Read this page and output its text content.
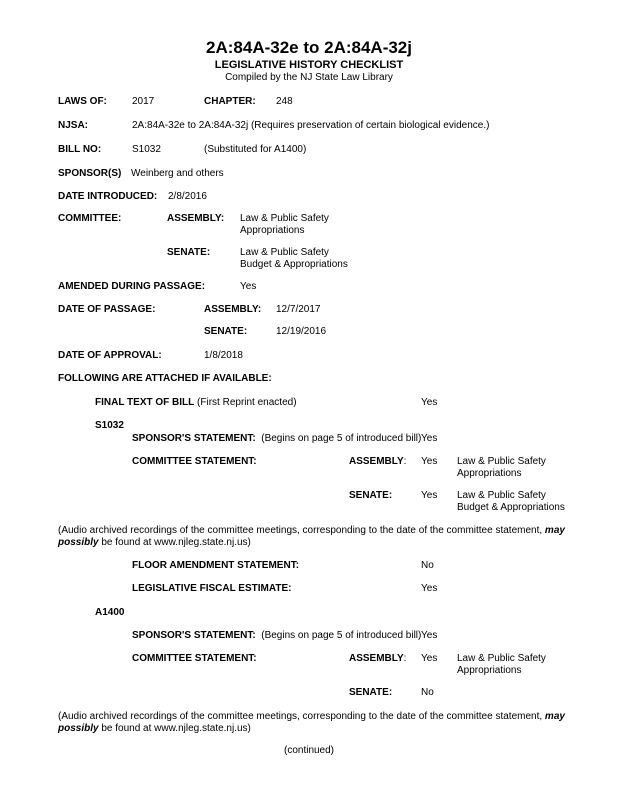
2A:84A-32e to 2A:84A-32j
LEGISLATIVE HISTORY CHECKLIST
Compiled by the NJ State Law Library
LAWS OF:	2017	CHAPTER: 248
NJSA:	2A:84A-32e to 2A:84A-32j (Requires preservation of certain biological evidence.)
BILL NO:	S1032	(Substituted for A1400)
SPONSOR(S) Weinberg and others
DATE INTRODUCED: 2/8/2016
COMMITTEE:	ASSEMBLY: Law & Public Safety
Appropriations
SENATE:	Law & Public Safety
Budget & Appropriations
AMENDED DURING PASSAGE:	Yes
DATE OF PASSAGE:	ASSEMBLY: 12/7/2017
SENATE:	12/19/2016
DATE OF APPROVAL:	1/8/2018
FOLLOWING ARE ATTACHED IF AVAILABLE:
FINAL TEXT OF BILL (First Reprint enacted)	Yes
S1032
SPONSOR'S STATEMENT: (Begins on page 5 of introduced bill) Yes
COMMITTEE STATEMENT:	ASSEMBLY: Yes Law & Public Safety
Appropriations
SENATE:	Yes Law & Public Safety
Budget & Appropriations
(Audio archived recordings of the committee meetings, corresponding to the date of the committee statement, may possibly be found at www.njleg.state.nj.us)
FLOOR AMENDMENT STATEMENT:	No
LEGISLATIVE FISCAL ESTIMATE:	Yes
A1400
SPONSOR'S STATEMENT: (Begins on page 5 of introduced bill) Yes
COMMITTEE STATEMENT:	ASSEMBLY: Yes Law & Public Safety
Appropriations
SENATE:	No
(Audio archived recordings of the committee meetings, corresponding to the date of the committee statement, may possibly be found at www.njleg.state.nj.us)
(continued)
